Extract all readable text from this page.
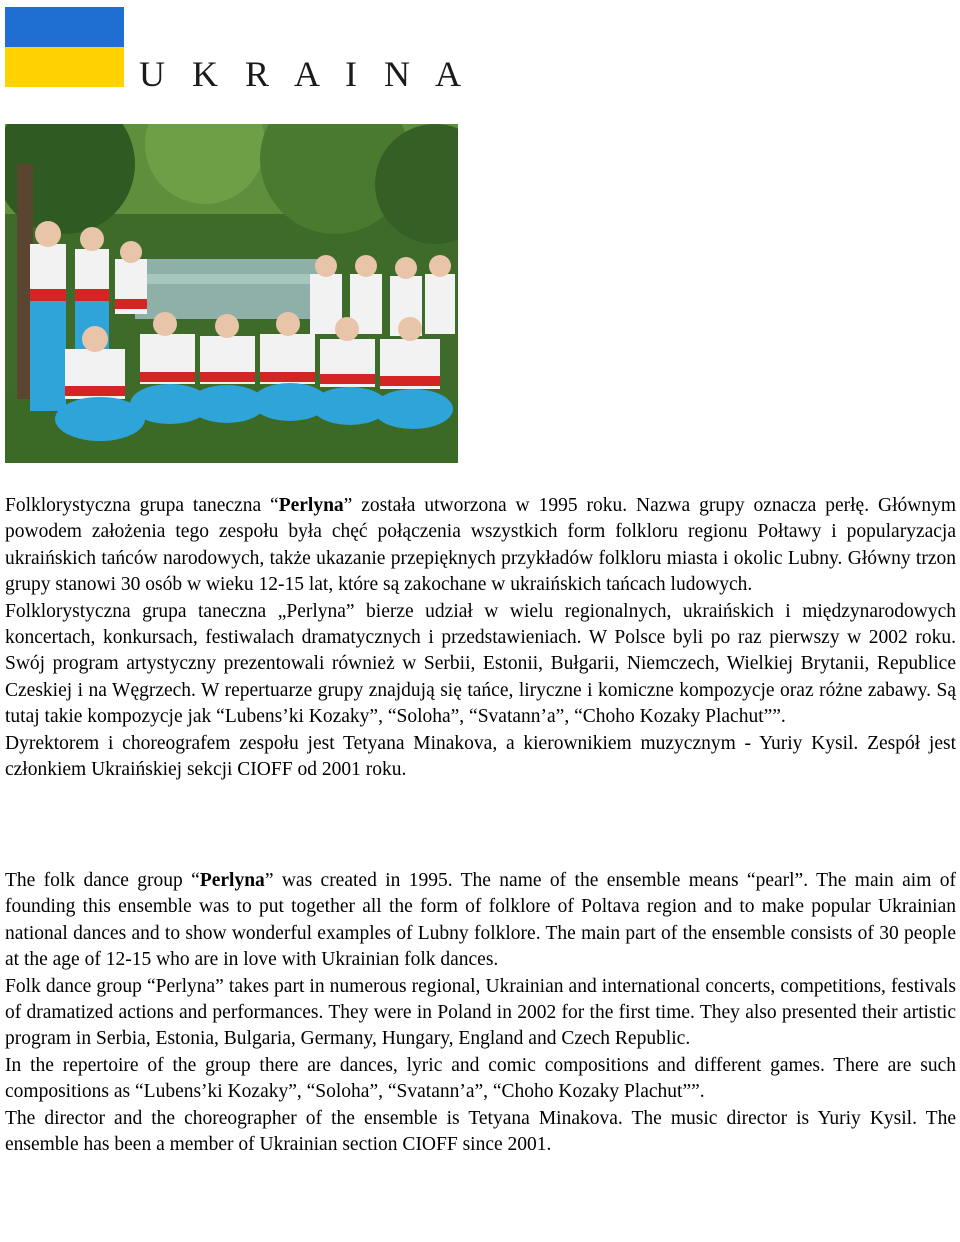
U K R A I N A

Folklorystyczna grupa taneczna “Perlyna” została utworzona w 1995 roku. Nazwa grupy oznacza perłę. Głównym powodem założenia tego zespołu była chęć połączenia wszystkich form folkloru regionu Połtawy i popularyzacja ukraińskich tańców narodowych, także ukazanie przepięknych przykładów folkloru miasta i okolic Lubny. Główny trzon grupy stanowi 30 osób w wieku 12-15 lat, które są zakochane w ukraińskich tańcach ludowych.

Folklorystyczna grupa taneczna „Perlyna” bierze udział w wielu regionalnych, ukraińskich i międzynarodowych koncertach, konkursach, festiwalach dramatycznych i przedstawieniach. W Polsce byli po raz pierwszy w 2002 roku. Swój program artystyczny prezentowali również w Serbii, Estonii, Bułgarii, Niemczech, Wielkiej Brytanii, Republice Czeskiej i na Węgrzech. W repertuarze grupy znajdują się tańce, liryczne i komiczne kompozycje oraz różne zabawy. Są tutaj takie kompozycje jak “Lubens’ki Kozaky”, “Soloha”, “Svatann’a”, “Choho Kozaky Plachut””.

Dyrektorem i choreografem zespołu jest Tetyana Minakova, a kierownikiem muzycznym - Yuriy Kysil. Zespół jest członkiem Ukraińskiej sekcji CIOFF od 2001 roku.

The folk dance group “Perlyna” was created in 1995. The name of the ensemble means “pearl”. The main aim of founding this ensemble was to put together all the form of folklore of Poltava region and to make popular Ukrainian national dances and to show wonderful examples of Lubny folklore. The main part of the ensemble consists of 30 people at the age of 12-15 who are in love with Ukrainian folk dances.

Folk dance group “Perlyna” takes part in numerous regional, Ukrainian and international concerts, competitions, festivals of dramatized actions and performances. They were in Poland in 2002 for the first time. They also presented their artistic program in Serbia, Estonia, Bulgaria, Germany, Hungary, England and Czech Republic.

In the repertoire of the group there are dances, lyric and comic compositions and different games. There are such compositions as “Lubens’ki Kozaky”, “Soloha”, “Svatann’a”, “Choho Kozaky Plachut””.

The director and the choreographer of the ensemble is Tetyana Minakova. The music director is Yuriy Kysil. The ensemble has been a member of Ukrainian section CIOFF since 2001.
